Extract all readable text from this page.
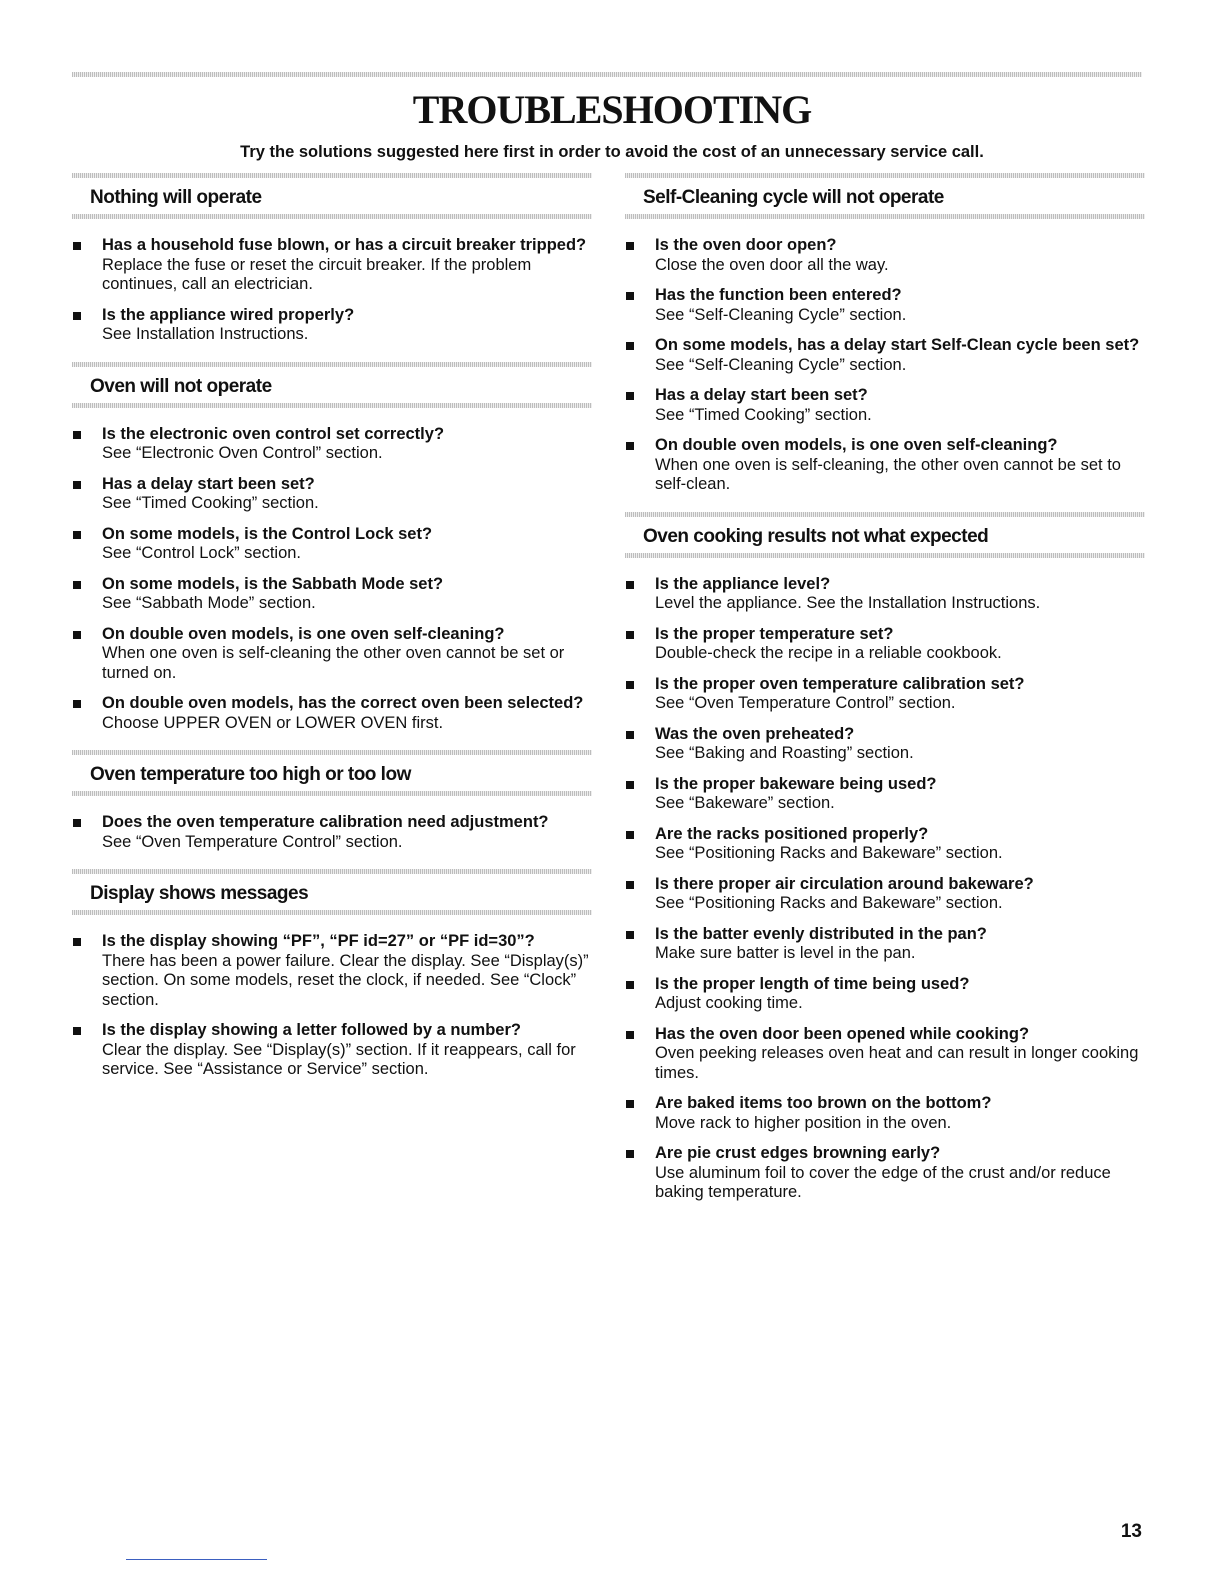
TROUBLESHOOTING
Try the solutions suggested here first in order to avoid the cost of an unnecessary service call.
Nothing will operate
Has a household fuse blown, or has a circuit breaker tripped?
Replace the fuse or reset the circuit breaker. If the problem continues, call an electrician.
Is the appliance wired properly?
See Installation Instructions.
Oven will not operate
Is the electronic oven control set correctly?
See “Electronic Oven Control” section.
Has a delay start been set?
See “Timed Cooking” section.
On some models, is the Control Lock set?
See “Control Lock” section.
On some models, is the Sabbath Mode set?
See “Sabbath Mode” section.
On double oven models, is one oven self-cleaning?
When one oven is self-cleaning the other oven cannot be set or turned on.
On double oven models, has the correct oven been selected?
Choose UPPER OVEN or LOWER OVEN first.
Oven temperature too high or too low
Does the oven temperature calibration need adjustment?
See “Oven Temperature Control” section.
Display shows messages
Is the display showing “PF”, “PF id=27” or “PF id=30”?
There has been a power failure. Clear the display. See “Display(s)” section. On some models, reset the clock, if needed. See “Clock” section.
Is the display showing a letter followed by a number?
Clear the display. See “Display(s)” section. If it reappears, call for service. See “Assistance or Service” section.
Self-Cleaning cycle will not operate
Is the oven door open?
Close the oven door all the way.
Has the function been entered?
See “Self-Cleaning Cycle” section.
On some models, has a delay start Self-Clean cycle been set?
See “Self-Cleaning Cycle” section.
Has a delay start been set?
See “Timed Cooking” section.
On double oven models, is one oven self-cleaning?
When one oven is self-cleaning, the other oven cannot be set to self-clean.
Oven cooking results not what expected
Is the appliance level?
Level the appliance. See the Installation Instructions.
Is the proper temperature set?
Double-check the recipe in a reliable cookbook.
Is the proper oven temperature calibration set?
See “Oven Temperature Control” section.
Was the oven preheated?
See “Baking and Roasting” section.
Is the proper bakeware being used?
See “Bakeware” section.
Are the racks positioned properly?
See “Positioning Racks and Bakeware” section.
Is there proper air circulation around bakeware?
See “Positioning Racks and Bakeware” section.
Is the batter evenly distributed in the pan?
Make sure batter is level in the pan.
Is the proper length of time being used?
Adjust cooking time.
Has the oven door been opened while cooking?
Oven peeking releases oven heat and can result in longer cooking times.
Are baked items too brown on the bottom?
Move rack to higher position in the oven.
Are pie crust edges browning early?
Use aluminum foil to cover the edge of the crust and/or reduce baking temperature.
13
